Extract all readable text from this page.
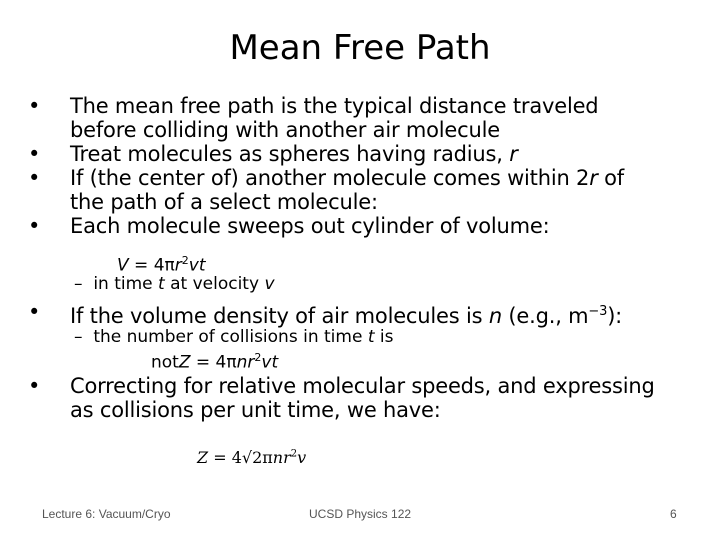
Mean Free Path
• The mean free path is the typical distance traveled
before colliding with another air molecule
• Treat molecules as spheres having radius, r
• If (the center of) another molecule comes within 2r of
the path of a select molecule:
• Each molecule sweeps out cylinder of volume:
$V = 4\pi r^2vt$
– in time t at velocity v
• If the volume density of air molecules is n (e.g., $m^{-3}$):
– the number of collisions in time t is
notZ = 4πnr$^2$vt
• Correcting for relative molecular speeds, and expressing
as collisions per unit time, we have:
Z = 4√2πnr$^2$v
Lecture 6: Vacuum/Cryo	UCSD Physics 122	6
